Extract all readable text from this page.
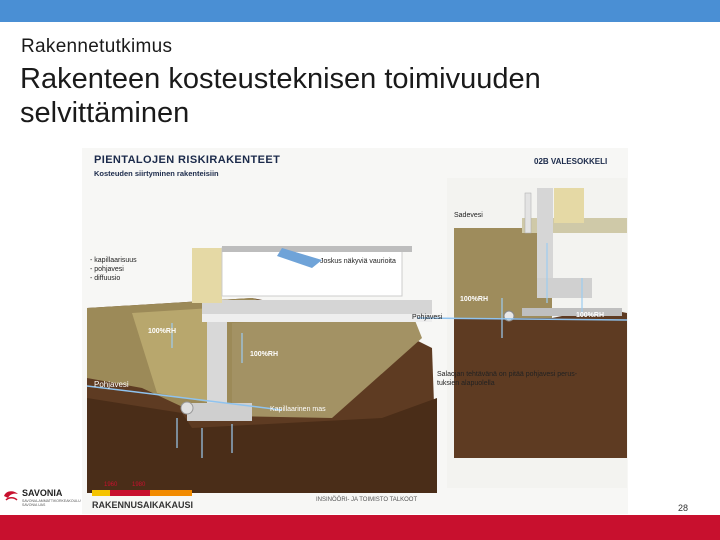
Rakennetutkimus
Rakenteen kosteusteknisen toimivuuden selvittäminen
PIENTALOJEN RISKIRAKENTEET
Kosteuden siirtyminen rakenteisiin
02B VALESOKKELI
- kapillaarisuus
- pohjavesi
- diffuusio
Joskus näkyviä vaurioita
100%RH
100%RH
Pohjavesi
Kapillaarinen mas
Sadevesi
100%RH
100%RH
Pohjavesi
Salaojan tehtävänä on pitää pohjavesi perus-
tuksien alapuolella
SAVONIA
SAVONIA-AMMATTIKORKEAKOULU
SAVONIA UAS
1960 1980
RAKENNUSAIKAKAUSI	INSINÖÖRI- JA TOIMISTO TALKOOT
28
